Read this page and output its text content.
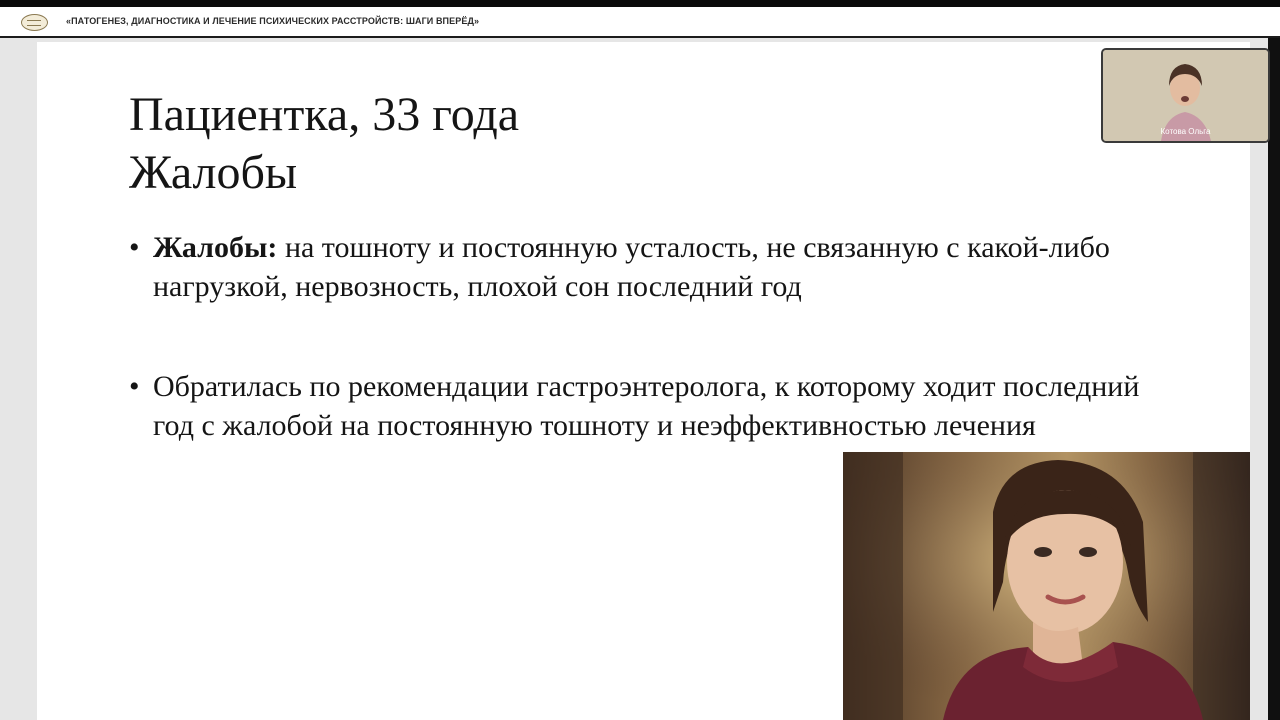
«ПАТОГЕНЕЗ, ДИАГНОСТИКА И ЛЕЧЕНИЕ ПСИХИЧЕСКИХ РАССТРОЙСТВ: ШАГИ ВПЕРЁД»
Пациентка, 33 года
Жалобы
• Жалобы: на тошноту и постоянную усталость, не связанную с какой-либо нагрузкой, нервозность, плохой сон последний год
• Обратилась по рекомендации гастроэнтеролога, к которому ходит последний год с жалобой на постоянную тошноту и неэффективностью лечения
Котова Ольга
